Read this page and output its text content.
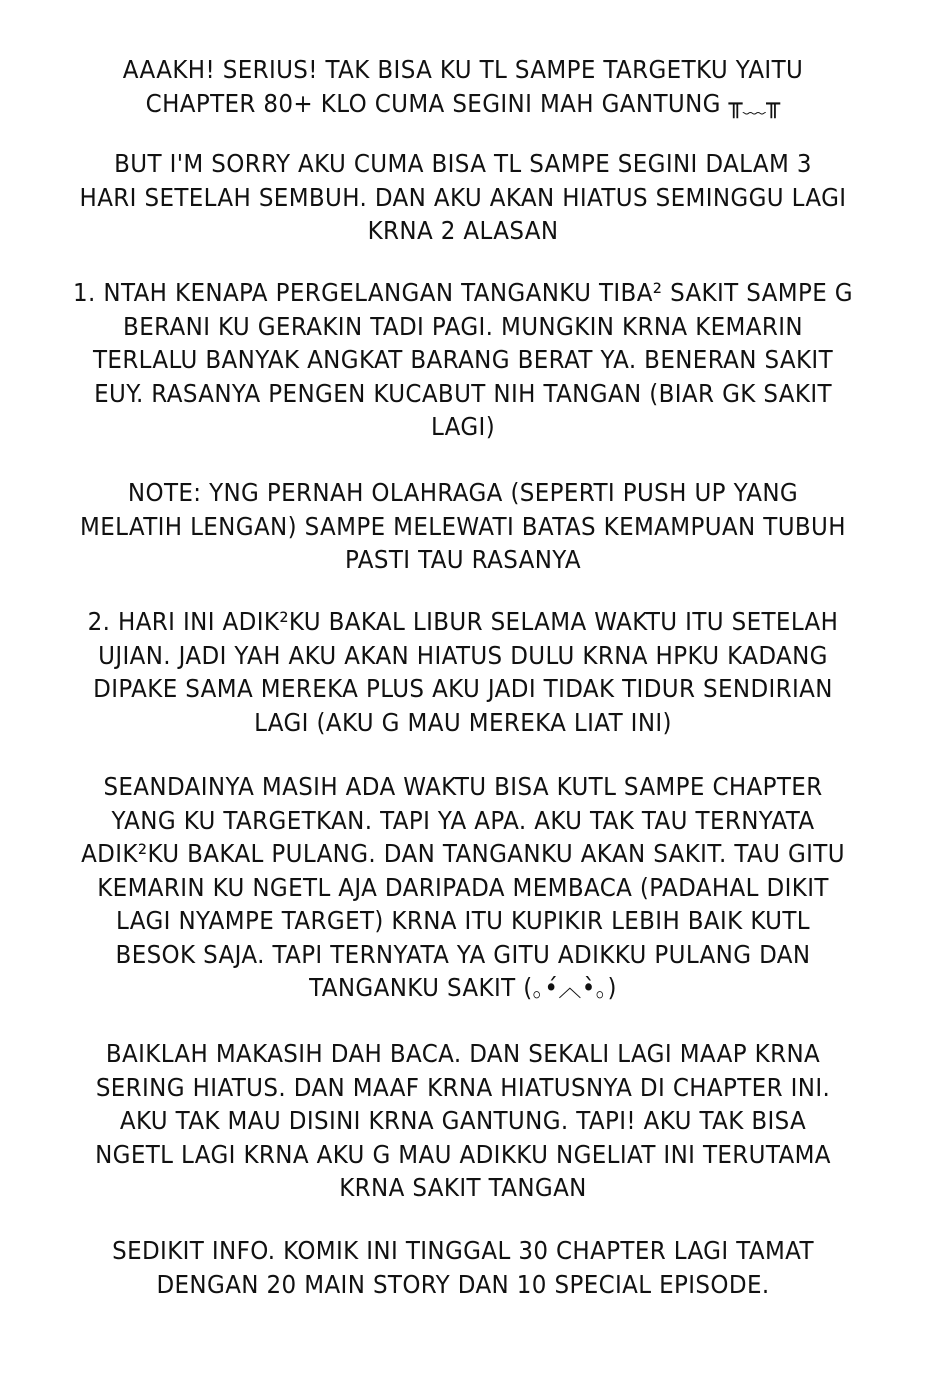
AAAKH! SERIUS! TAK BISA KU TL SAMPE TARGETKU YAITU
CHAPTER 80+ KLO CUMA SEGINI MAH GANTUNG ╥﹏╥
BUT I'M SORRY AKU CUMA BISA TL SAMPE SEGINI DALAM 3
HARI SETELAH SEMBUH. DAN AKU AKAN HIATUS SEMINGGU LAGI
KRNA 2 ALASAN
1. NTAH KENAPA PERGELANGAN TANGANKU TIBA² SAKIT SAMPE G
BERANI KU GERAKIN TADI PAGI. MUNGKIN KRNA KEMARIN
TERLALU BANYAK ANGKAT BARANG BERAT YA. BENERAN SAKIT
EUY. RASANYA PENGEN KUCABUT NIH TANGAN (BIAR GK SAKIT
LAGI)
NOTE: YNG PERNAH OLAHRAGA (SEPERTI PUSH UP YANG
MELATIH LENGAN) SAMPE MELEWATI BATAS KEMAMPUAN TUBUH
PASTI TAU RASANYA
2. HARI INI ADIK²KU BAKAL LIBUR SELAMA WAKTU ITU SETELAH
UJIAN. JADI YAH AKU AKAN HIATUS DULU KRNA HPKU KADANG
DIPAKE SAMA MEREKA PLUS AKU JADI TIDAK TIDUR SENDIRIAN
LAGI (AKU G MAU MEREKA LIAT INI)
SEANDAINYA MASIH ADA WAKTU BISA KUTL SAMPE CHAPTER
YANG KU TARGETKAN. TAPI YA APA. AKU TAK TAU TERNYATA
ADIK²KU BAKAL PULANG. DAN TANGANKU AKAN SAKIT. TAU GITU
KEMARIN KU NGETL AJA DARIPADA MEMBACA (PADAHAL DIKIT
LAGI NYAMPE TARGET) KRNA ITU KUPIKIR LEBIH BAIK KUTL
BESOK SAJA. TAPI TERNYATA YA GITU ADIKKU PULANG DAN
TANGANKU SAKIT (｡•́︿•̀｡)
BAIKLAH MAKASIH DAH BACA. DAN SEKALI LAGI MAAP KRNA
SERING HIATUS. DAN MAAF KRNA HIATUSNYA DI CHAPTER INI.
AKU TAK MAU DISINI KRNA GANTUNG. TAPI! AKU TAK BISA
NGETL LAGI KRNA AKU G MAU ADIKKU NGELIAT INI TERUTAMA
KRNA SAKIT TANGAN
SEDIKIT INFO. KOMIK INI TINGGAL 30 CHAPTER LAGI TAMAT
DENGAN 20 MAIN STORY DAN 10 SPECIAL EPISODE.
